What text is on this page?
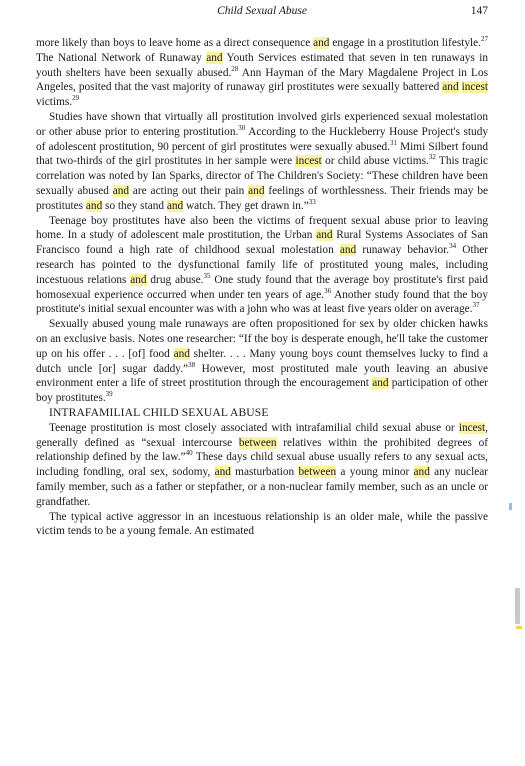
Child Sexual Abuse	147

more likely than boys to leave home as a direct consequence and engage in a prostitution lifestyle.$^{27}$ The National Network of Runaway and Youth Services estimated that seven in ten runaways in youth shelters have been sexually abused.$^{28}$ Ann Hayman of the Mary Magdalene Project in Los Angeles, posited that the vast majority of runaway girl prostitutes were sexually battered and incest victims.$^{29}$

Studies have shown that virtually all prostitution involved girls experienced sexual molestation or other abuse prior to entering prostitution.$^{30}$ According to the Huckleberry House Project's study of adolescent prostitution, 90 percent of girl prostitutes were sexually abused.$^{31}$ Mimi Silbert found that two-thirds of the girl prostitutes in her sample were incest or child abuse victims.$^{32}$ This tragic correlation was noted by Ian Sparks, director of The Children's Society: “These children have been sexually abused and are acting out their pain and feelings of worthlessness. Their friends may be prostitutes and so they stand and watch. They get drawn in.”$^{33}$

Teenage boy prostitutes have also been the victims of frequent sexual abuse prior to leaving home. In a study of adolescent male prostitution, the Urban and Rural Systems Associates of San Francisco found a high rate of childhood sexual molestation and runaway behavior.$^{34}$ Other research has pointed to the dysfunctional family life of prostituted young males, including incestuous relations and drug abuse.$^{35}$ One study found that the average boy prostitute's first paid homosexual experience occurred when under ten years of age.$^{36}$ Another study found that the boy prostitute's initial sexual encounter was with a john who was at least five years older on average.$^{37}$

Sexually abused young male runaways are often propositioned for sex by older chicken hawks on an exclusive basis. Notes one researcher: “If the boy is desperate enough, he'll take the customer up on his offer . . . [of] food and shelter. . . . Many young boys count themselves lucky to find a dutch uncle [or] sugar daddy.”$^{38}$ However, most prostituted male youth leaving an abusive environment enter a life of street prostitution through the encouragement and participation of other boy prostitutes.$^{39}$

INTRAFAMILIAL CHILD SEXUAL ABUSE

Teenage prostitution is most closely associated with intrafamilial child sexual abuse or incest, generally defined as “sexual intercourse between relatives within the prohibited degrees of relationship defined by the law.”$^{40}$ These days child sexual abuse usually refers to any sexual acts, including fondling, oral sex, sodomy, and masturbation between a young minor and any nuclear family member, such as a father or stepfather, or a non-nuclear family member, such as an uncle or grandfather.

The typical active aggressor in an incestuous relationship is an older male, while the passive victim tends to be a young female. An estimated
